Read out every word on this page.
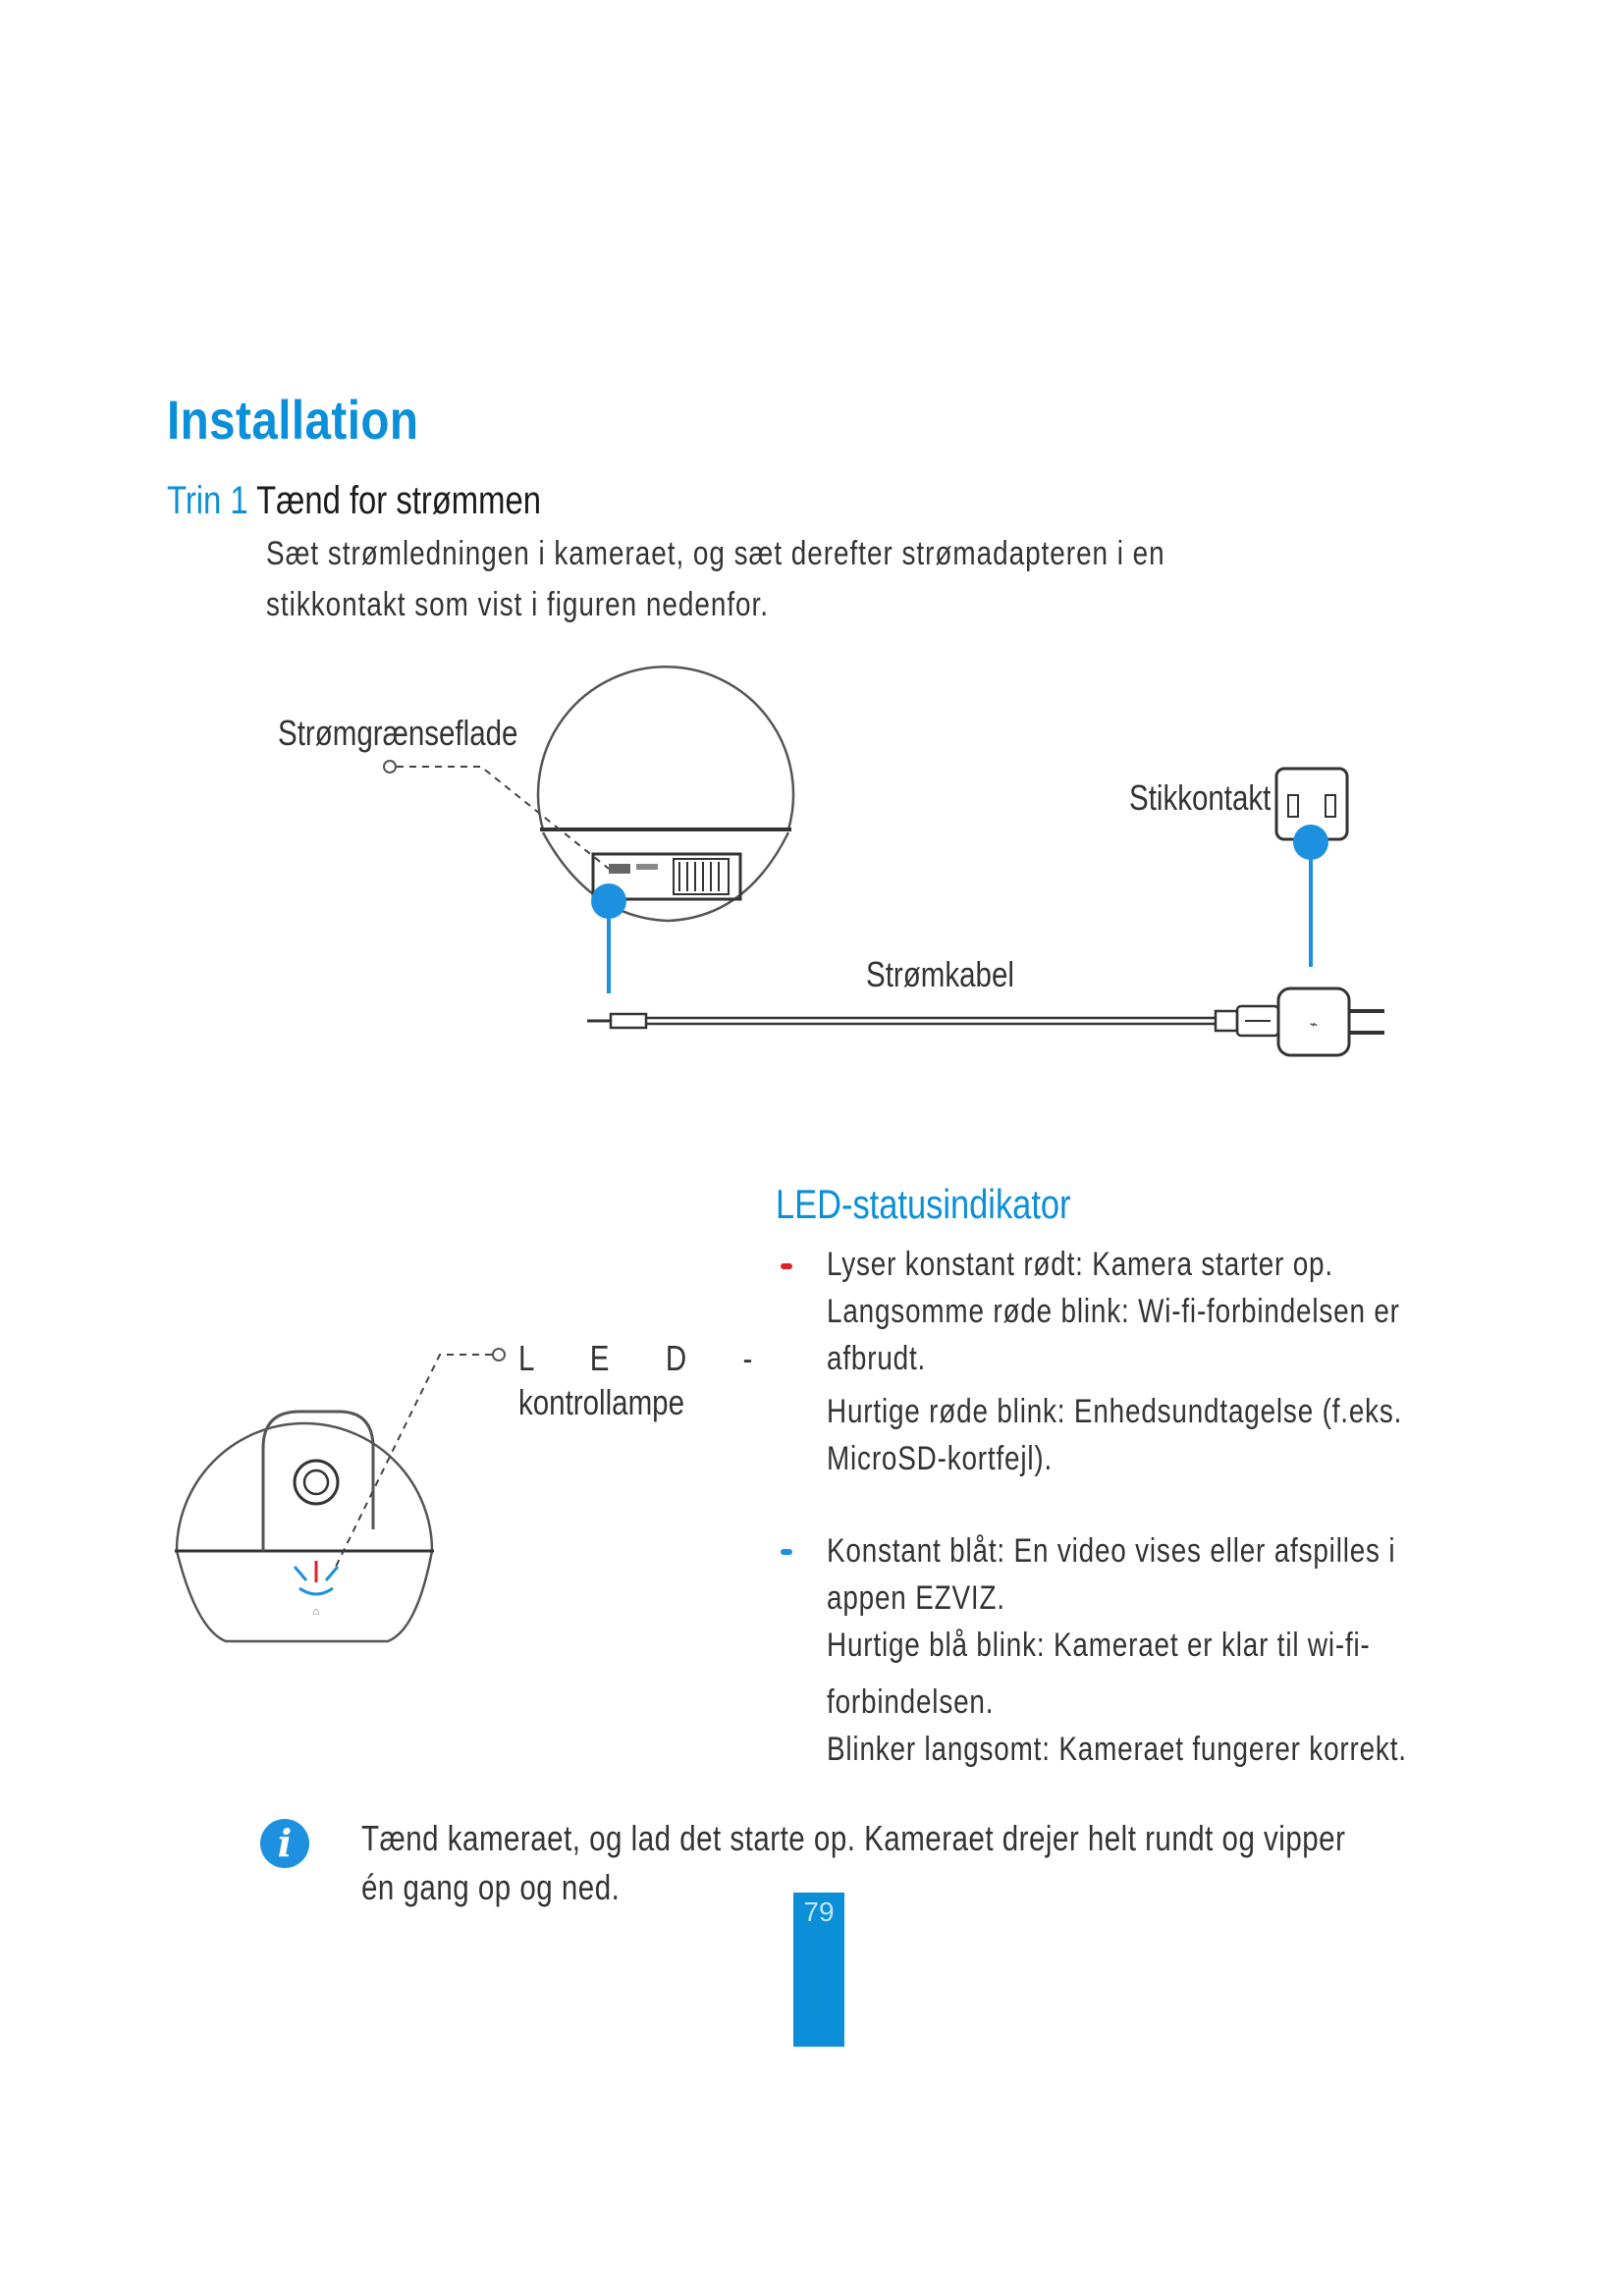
Installation
Trin 1 Tænd for strømmen
Sæt strømledningen i kameraet, og sæt derefter strømadapteren i en stikkontakt som vist i figuren nedenfor.
⌁
Strømgrænseflade
Stikkontakt
Strømkabel
⌂
L E D -
kontrollampe
LED-statusindikator
Lyser konstant rødt: Kamera starter op.
Langsomme røde blink: Wi-fi-forbindelsen er
afbrudt.
Hurtige røde blink: Enhedsundtagelse (f.eks.
MicroSD-kortfejl).
Konstant blåt: En video vises eller afspilles i
appen EZVIZ.
Hurtige blå blink: Kameraet er klar til wi-fi-
forbindelsen.
Blinker langsomt: Kameraet fungerer korrekt.
i	Tænd kameraet, og lad det starte op. Kameraet drejer helt rundt og vipper én gang op og ned.
79
